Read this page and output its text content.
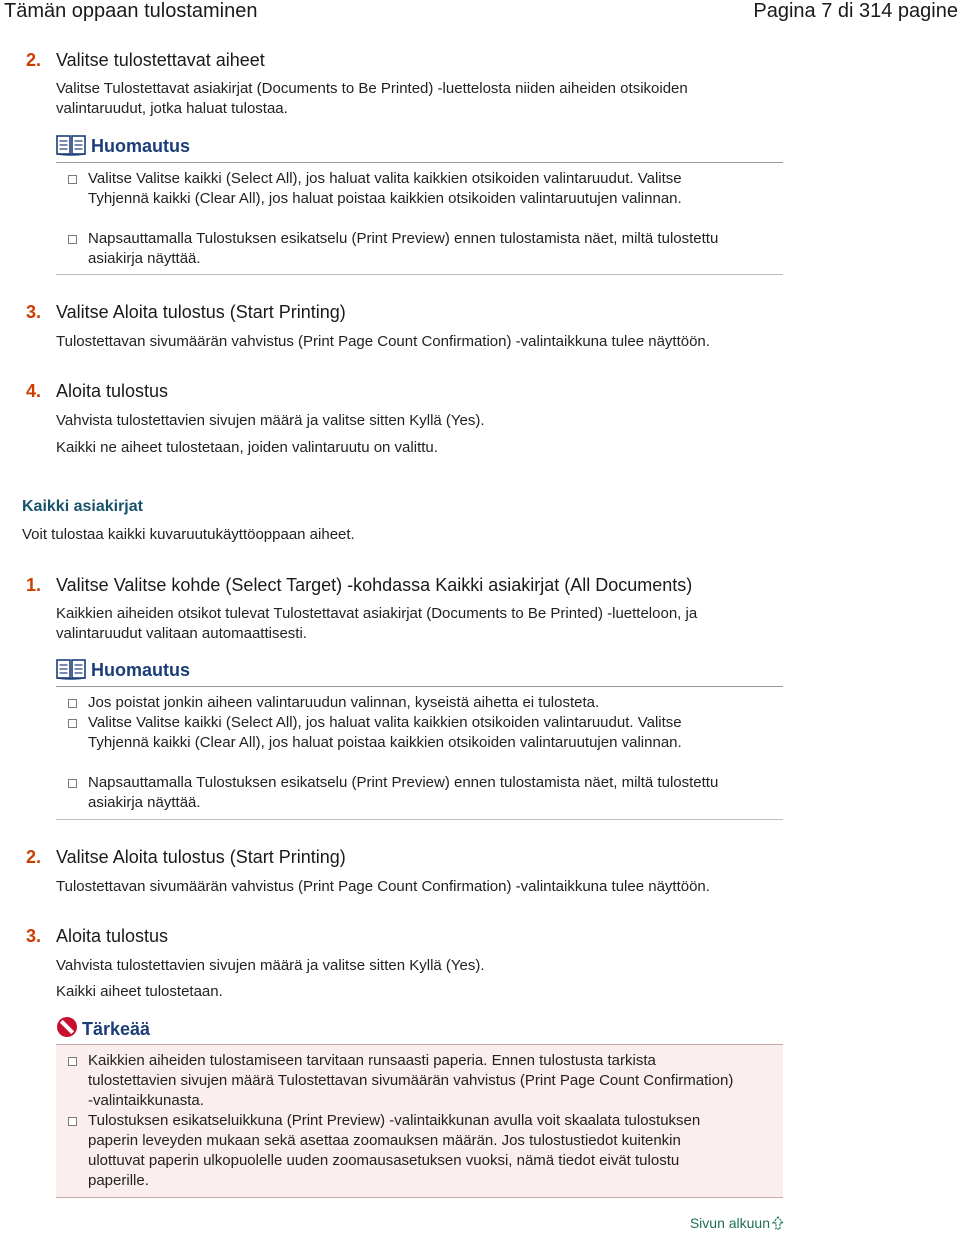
Tämän oppaan tulostaminen	Pagina 7 di 314 pagine
2. Valitse tulostettavat aiheet
Valitse Tulostettavat asiakirjat (Documents to Be Printed) -luettelosta niiden aiheiden otsikoiden valintaruudut, jotka haluat tulostaa.
Huomautus
Valitse Valitse kaikki (Select All), jos haluat valita kaikkien otsikoiden valintaruudut. Valitse Tyhjennä kaikki (Clear All), jos haluat poistaa kaikkien otsikoiden valintaruutujen valinnan.
Napsauttamalla Tulostuksen esikatselu (Print Preview) ennen tulostamista näet, miltä tulostettu asiakirja näyttää.
3. Valitse Aloita tulostus (Start Printing)
Tulostettavan sivumäärän vahvistus (Print Page Count Confirmation) -valintaikkuna tulee näyttöön.
4. Aloita tulostus
Vahvista tulostettavien sivujen määrä ja valitse sitten Kyllä (Yes).
Kaikki ne aiheet tulostetaan, joiden valintaruutu on valittu.
Kaikki asiakirjat
Voit tulostaa kaikki kuvaruutukäyttöoppaan aiheet.
1. Valitse Valitse kohde (Select Target) -kohdassa Kaikki asiakirjat (All Documents)
Kaikkien aiheiden otsikot tulevat Tulostettavat asiakirjat (Documents to Be Printed) -luetteloon, ja valintaruudut valitaan automaattisesti.
Huomautus
Jos poistat jonkin aiheen valintaruudun valinnan, kyseistä aihetta ei tulosteta.
Valitse Valitse kaikki (Select All), jos haluat valita kaikkien otsikoiden valintaruudut. Valitse Tyhjennä kaikki (Clear All), jos haluat poistaa kaikkien otsikoiden valintaruutujen valinnan.
Napsauttamalla Tulostuksen esikatselu (Print Preview) ennen tulostamista näet, miltä tulostettu asiakirja näyttää.
2. Valitse Aloita tulostus (Start Printing)
Tulostettavan sivumäärän vahvistus (Print Page Count Confirmation) -valintaikkuna tulee näyttöön.
3. Aloita tulostus
Vahvista tulostettavien sivujen määrä ja valitse sitten Kyllä (Yes).
Kaikki aiheet tulostetaan.
Tärkeää
Kaikkien aiheiden tulostamiseen tarvitaan runsaasti paperia. Ennen tulostusta tarkista tulostettavien sivujen määrä Tulostettavan sivumäärän vahvistus (Print Page Count Confirmation) -valintaikkunasta.
Tulostuksen esikatseluikkuna (Print Preview) -valintaikkunan avulla voit skaalata tulostuksen paperin leveyden mukaan sekä asettaa zoomauksen määrän. Jos tulostustiedot kuitenkin ulottuvat paperin ulkopuolelle uuden zoomausasetuksen vuoksi, nämä tiedot eivät tulostu paperille.
Sivun alkuun
